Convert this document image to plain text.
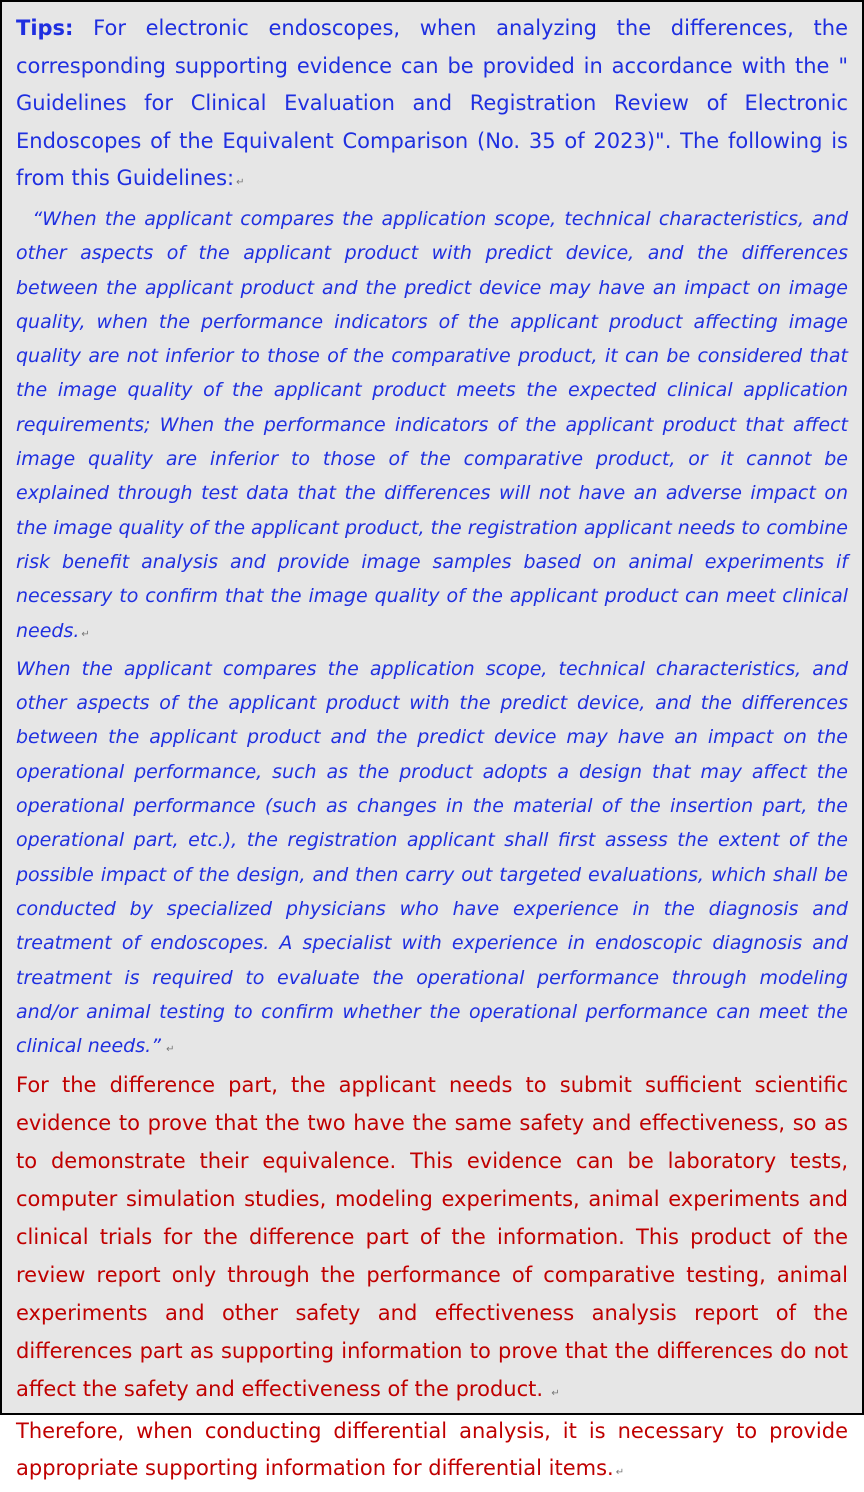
Tips: For electronic endoscopes, when analyzing the differences, the corresponding supporting evidence can be provided in accordance with the " Guidelines for Clinical Evaluation and Registration Review of Electronic Endoscopes of the Equivalent Comparison (No. 35 of 2023)". The following is from this Guidelines: ↵

“When the applicant compares the application scope, technical characteristics, and other aspects of the applicant product with predict device, and the differences between the applicant product and the predict device may have an impact on image quality, when the performance indicators of the applicant product affecting image quality are not inferior to those of the comparative product, it can be considered that the image quality of the applicant product meets the expected clinical application requirements; When the performance indicators of the applicant product that affect image quality are inferior to those of the comparative product, or it cannot be explained through test data that the differences will not have an adverse impact on the image quality of the applicant product, the registration applicant needs to combine risk benefit analysis and provide image samples based on animal experiments if necessary to confirm that the image quality of the applicant product can meet clinical needs. ↵

When the applicant compares the application scope, technical characteristics, and other aspects of the applicant product with the predict device, and the differences between the applicant product and the predict device may have an impact on the operational performance, such as the product adopts a design that may affect the operational performance (such as changes in the material of the insertion part, the operational part, etc.), the registration applicant shall first assess the extent of the possible impact of the design, and then carry out targeted evaluations, which shall be conducted by specialized physicians who have experience in the diagnosis and treatment of endoscopes. A specialist with experience in endoscopic diagnosis and treatment is required to evaluate the operational performance through modeling and/or animal testing to confirm whether the operational performance can meet the clinical needs.” ↵

For the difference part, the applicant needs to submit sufficient scientific evidence to prove that the two have the same safety and effectiveness, so as to demonstrate their equivalence. This evidence can be laboratory tests, computer simulation studies, modeling experiments, animal experiments and clinical trials for the difference part of the information. This product of the review report only through the performance of comparative testing, animal experiments and other safety and effectiveness analysis report of the differences part as supporting information to prove that the differences do not affect the safety and effectiveness of the product.  ↵

Therefore, when conducting differential analysis, it is necessary to provide appropriate supporting information for differential items. ↵
